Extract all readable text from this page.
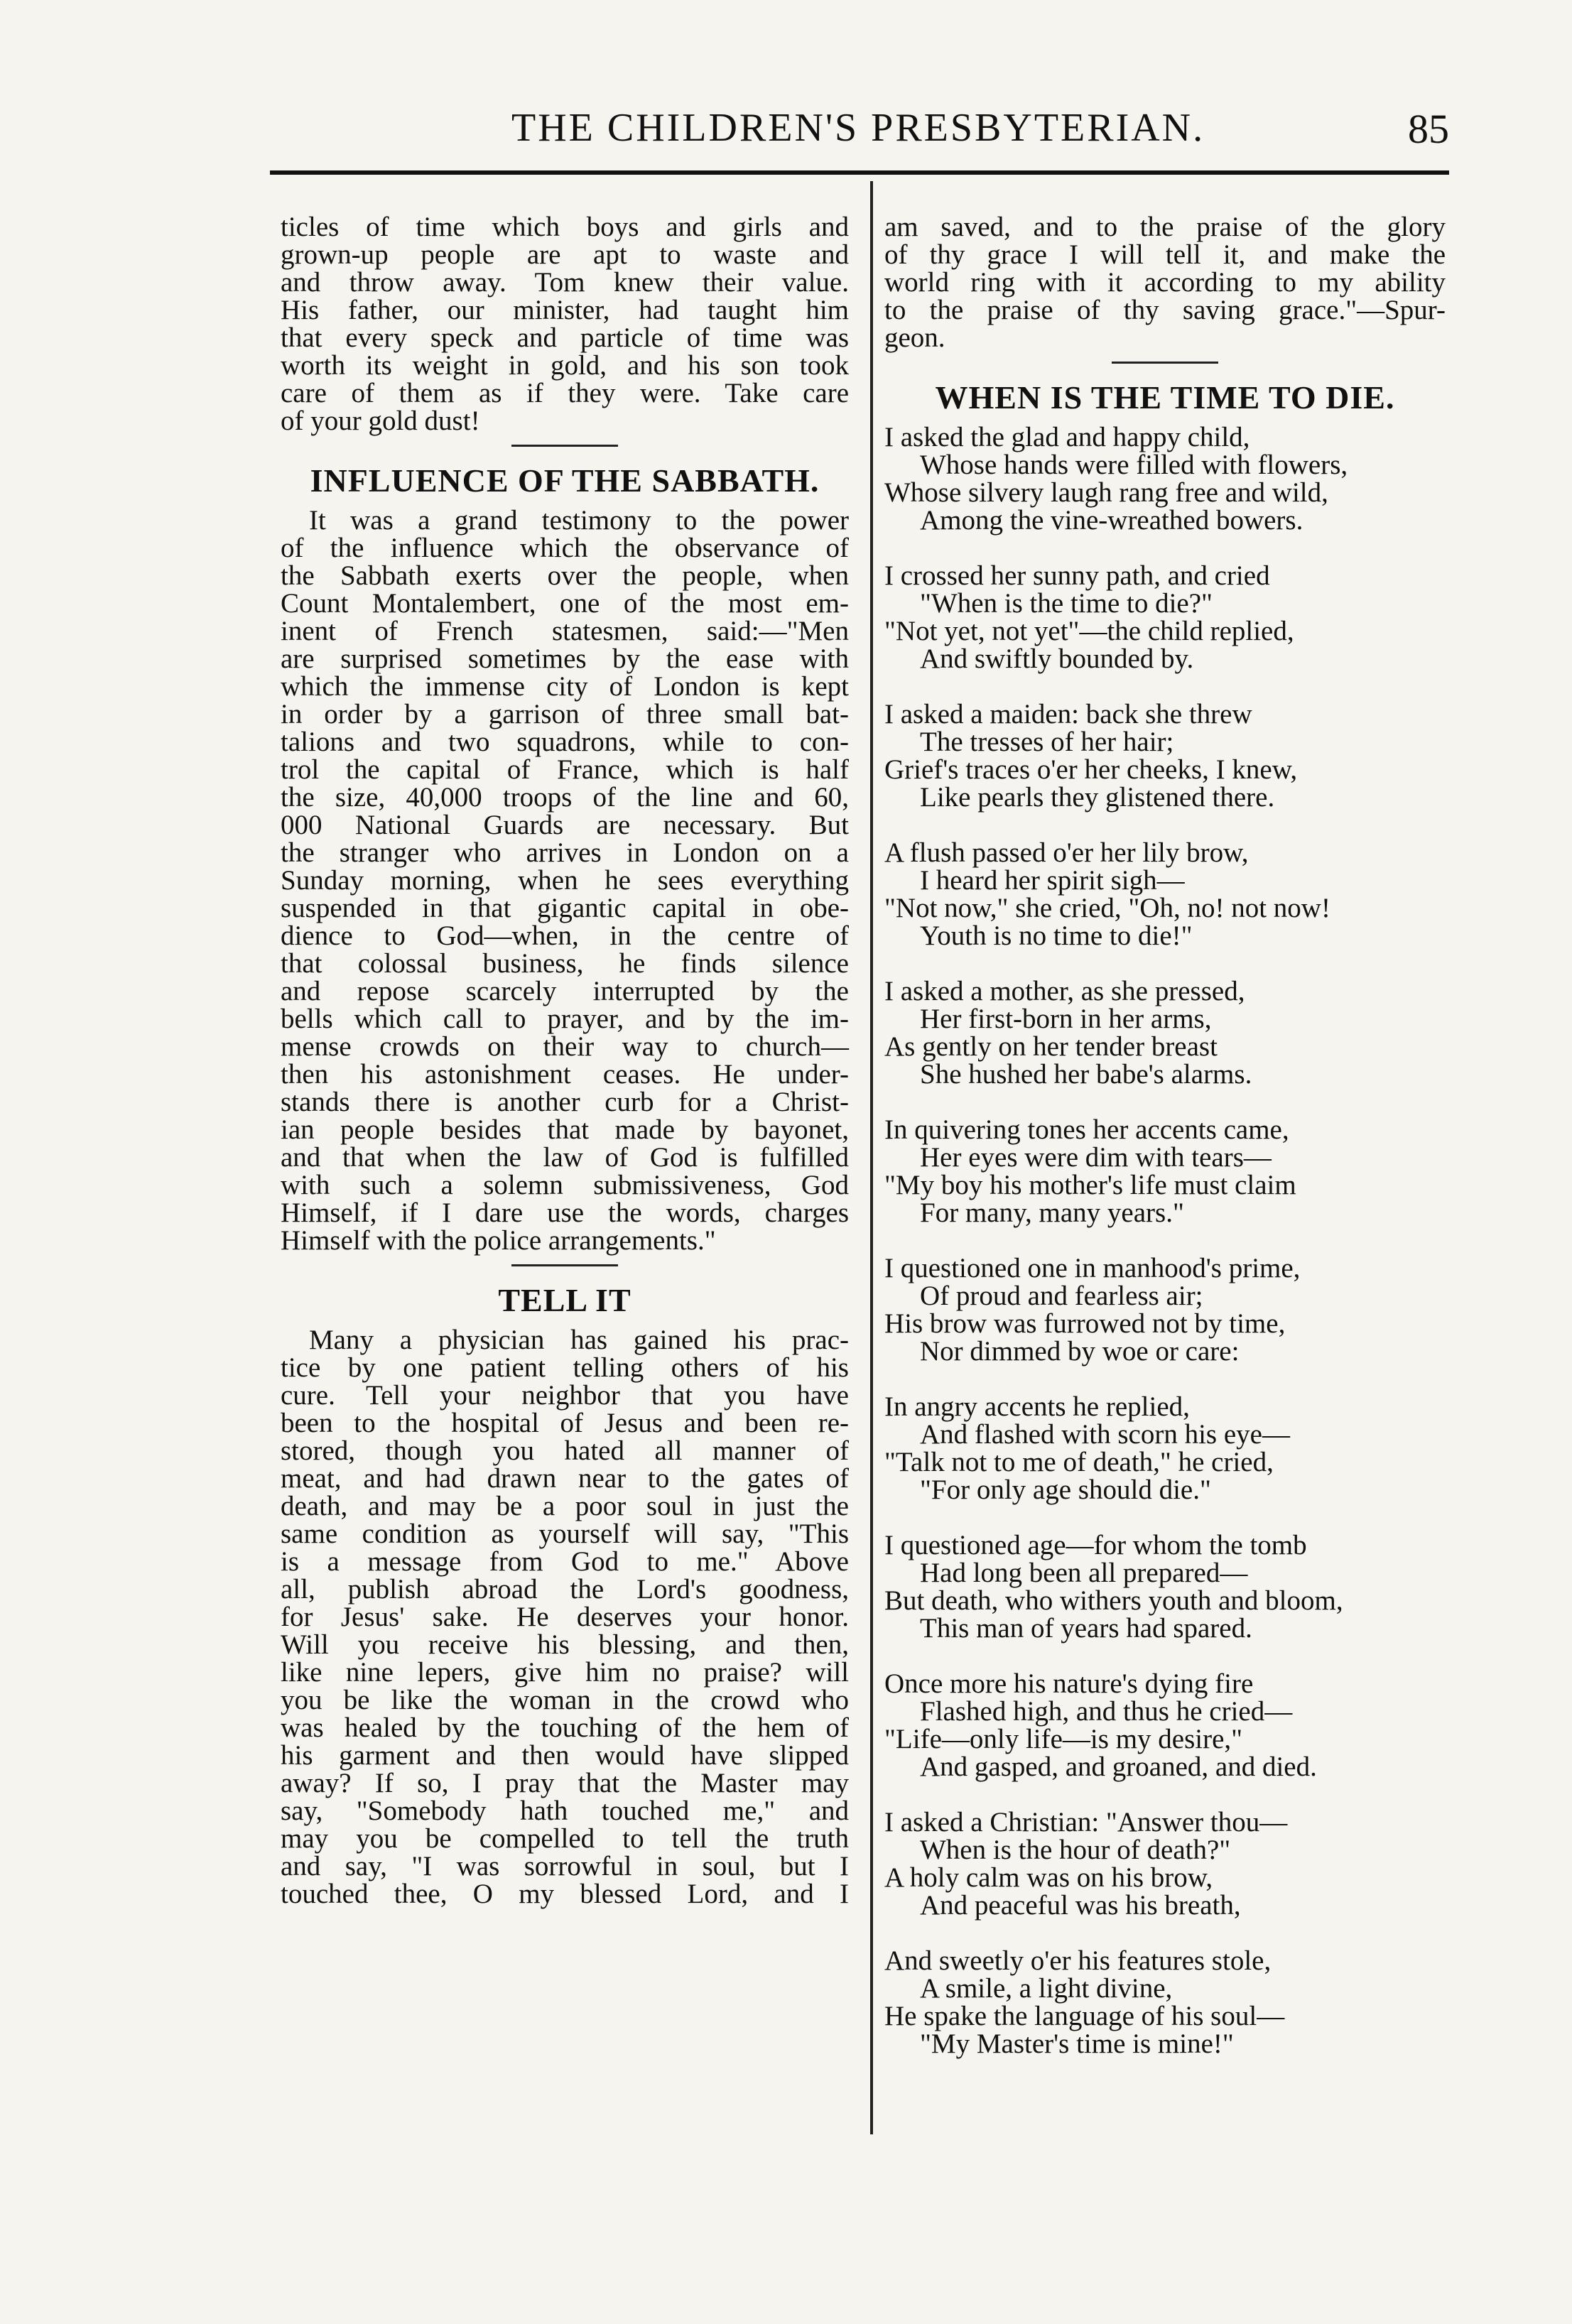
THE CHILDREN'S PRESBYTERIAN.	85
ticles of time which boys and girls and
grown-up people are apt to waste and
and throw away. Tom knew their value.
His father, our minister, had taught him
that every speck and particle of time was
worth its weight in gold, and his son took
care of them as if they were. Take care
of your gold dust!
INFLUENCE OF THE SABBATH.
It was a grand testimony to the power
of the influence which the observance of
the Sabbath exerts over the people, when
Count Montalembert, one of the most em-
inent of French statesmen, said:—"Men
are surprised sometimes by the ease with
which the immense city of London is kept
in order by a garrison of three small bat-
talions and two squadrons, while to con-
trol the capital of France, which is half
the size, 40,000 troops of the line and 60,
000 National Guards are necessary. But
the stranger who arrives in London on a
Sunday morning, when he sees everything
suspended in that gigantic capital in obe-
dience to God—when, in the centre of
that colossal business, he finds silence
and repose scarcely interrupted by the
bells which call to prayer, and by the im-
mense crowds on their way to church—
then his astonishment ceases. He under-
stands there is another curb for a Christ-
ian people besides that made by bayonet,
and that when the law of God is fulfilled
with such a solemn submissiveness, God
Himself, if I dare use the words, charges
Himself with the police arrangements."
TELL IT
Many a physician has gained his prac-
tice by one patient telling others of his
cure. Tell your neighbor that you have
been to the hospital of Jesus and been re-
stored, though you hated all manner of
meat, and had drawn near to the gates of
death, and may be a poor soul in just the
same condition as yourself will say, "This
is a message from God to me." Above
all, publish abroad the Lord's goodness,
for Jesus' sake. He deserves your honor.
Will you receive his blessing, and then,
like nine lepers, give him no praise? will
you be like the woman in the crowd who
was healed by the touching of the hem of
his garment and then would have slipped
away? If so, I pray that the Master may
say, "Somebody hath touched me," and
may you be compelled to tell the truth
and say, "I was sorrowful in soul, but I
touched thee, O my blessed Lord, and I
am saved, and to the praise of the glory
of thy grace I will tell it, and make the
world ring with it according to my ability
to the praise of thy saving grace."—Spur-
geon.
WHEN IS THE TIME TO DIE.
I asked the glad and happy child,
Whose hands were filled with flowers,
Whose silvery laugh rang free and wild,
Among the vine-wreathed bowers.
I crossed her sunny path, and cried
"When is the time to die?"
"Not yet, not yet"—the child replied,
And swiftly bounded by.
I asked a maiden: back she threw
The tresses of her hair;
Grief's traces o'er her cheeks, I knew,
Like pearls they glistened there.
A flush passed o'er her lily brow,
I heard her spirit sigh—
"Not now," she cried, "Oh, no! not now!
Youth is no time to die!"
I asked a mother, as she pressed,
Her first-born in her arms,
As gently on her tender breast
She hushed her babe's alarms.
In quivering tones her accents came,
Her eyes were dim with tears—
"My boy his mother's life must claim
For many, many years."
I questioned one in manhood's prime,
Of proud and fearless air;
His brow was furrowed not by time,
Nor dimmed by woe or care:
In angry accents he replied,
And flashed with scorn his eye—
"Talk not to me of death," he cried,
"For only age should die."
I questioned age—for whom the tomb
Had long been all prepared—
But death, who withers youth and bloom,
This man of years had spared.
Once more his nature's dying fire
Flashed high, and thus he cried—
"Life—only life—is my desire,"
And gasped, and groaned, and died.
I asked a Christian: "Answer thou—
When is the hour of death?"
A holy calm was on his brow,
And peaceful was his breath,
And sweetly o'er his features stole,
A smile, a light divine,
He spake the language of his soul—
"My Master's time is mine!"
